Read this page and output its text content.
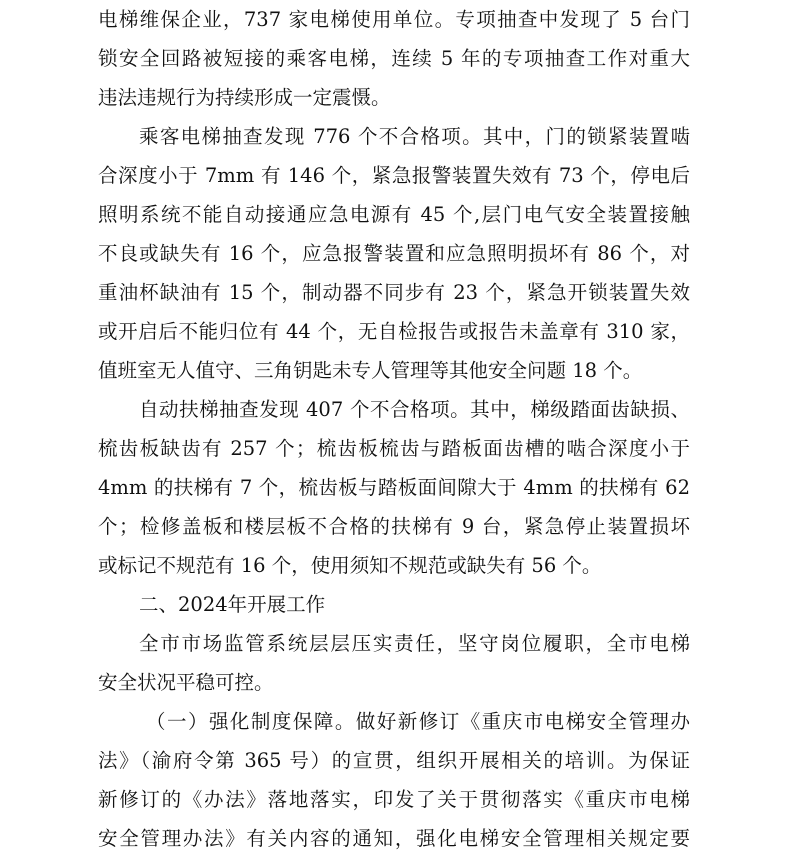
电梯维保企业，737 家电梯使用单位。专项抽查中发现了 5 台门
锁安全回路被短接的乘客电梯，连续 5 年的专项抽查工作对重大
违法违规行为持续形成一定震慑。
乘客电梯抽查发现 776 个不合格项。其中，门的锁紧装置啮
合深度小于 7mm 有 146 个，紧急报警装置失效有 73 个，停电后
照明系统不能自动接通应急电源有 45 个,层门电气安全装置接触
不良或缺失有 16 个，应急报警装置和应急照明损坏有 86 个，对
重油杯缺油有 15 个，制动器不同步有 23 个，紧急开锁装置失效
或开启后不能归位有 44 个，无自检报告或报告未盖章有 310 家，
值班室无人值守、三角钥匙未专人管理等其他安全问题 18 个。
自动扶梯抽查发现 407 个不合格项。其中，梯级踏面齿缺损、
梳齿板缺齿有 257 个；梳齿板梳齿与踏板面齿槽的啮合深度小于
4mm 的扶梯有 7 个，梳齿板与踏板面间隙大于 4mm 的扶梯有 62
个；检修盖板和楼层板不合格的扶梯有 9 台，紧急停止装置损坏
或标记不规范有 16 个，使用须知不规范或缺失有 56 个。
二、2024年开展工作
全市市场监管系统层层压实责任，坚守岗位履职，全市电梯
安全状况平稳可控。
（一）强化制度保障。做好新修订《重庆市电梯安全管理办
法》（渝府令第 365 号）的宣贯，组织开展相关的培训。为保证
新修订的《办法》落地落实，印发了关于贯彻落实《重庆市电梯
安全管理办法》有关内容的通知，强化电梯安全管理相关规定要
